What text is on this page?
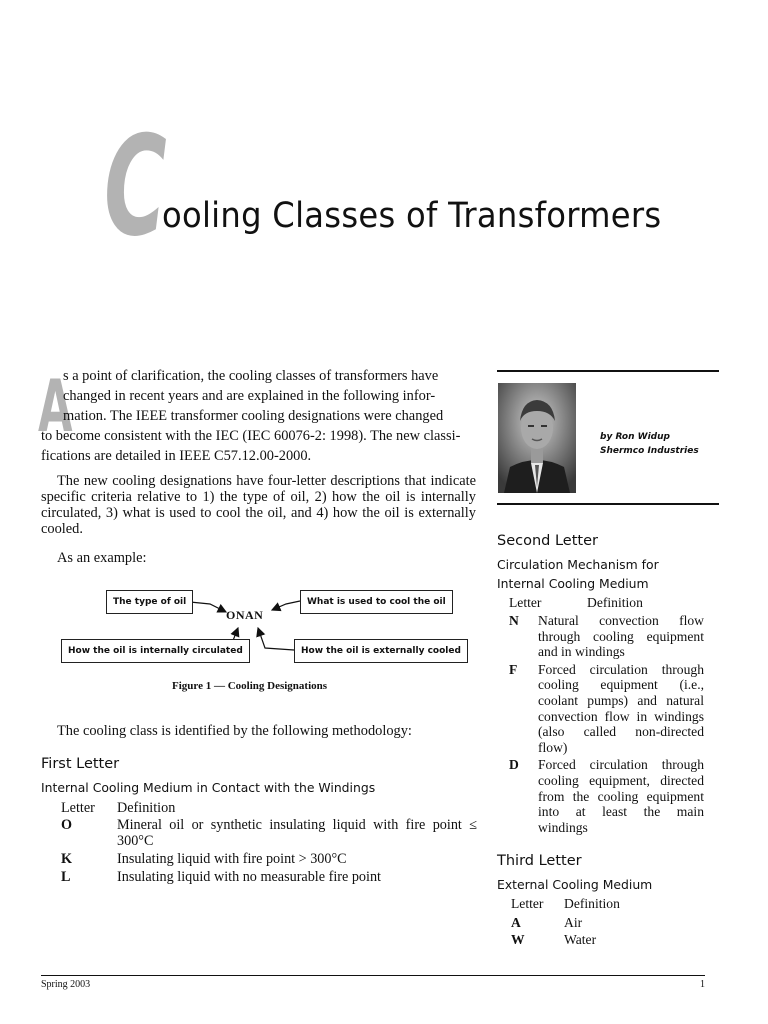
C
ooling Classes of Transformers
A
s a point of clarification, the cooling classes of transformers have
changed in recent years and are explained in the following infor-
mation. The IEEE transformer cooling designations were changed
to become consistent with the IEC (IEC 60076-2: 1998). The new classi-
fications are detailed in IEEE C57.12.00-2000.
The new cooling designations have four-letter descriptions that indicate specific criteria relative to 1) the type of oil, 2) how the oil is internally circulated, 3) what is used to cool the oil, and 4) how the oil is externally cooled.
As an example:
The type of oil	What is used to cool the oil
How the oil is internally circulated	How the oil is externally cooled
ONAN
Figure 1 — Cooling Designations
The cooling class is identified by the following methodology:
First Letter
Internal Cooling Medium in Contact with the Windings
Letter Definition
O	Mineral oil or synthetic insulating liquid with fire point ≤ 300°C
K	Insulating liquid with fire point > 300°C
L	Insulating liquid with no measurable fire point
by Ron Widup
Shermco Industries
Second Letter
Circulation Mechanism for
Internal Cooling Medium
Letter	Definition
N Natural convection flow through cooling equipment and in windings
F Forced circulation through cooling equipment (i.e., coolant pumps) and natural convection flow in windings (also called non-directed flow)
D Forced circulation through cooling equipment, directed from the cooling equipment into at least the main windings
Third Letter
External Cooling Medium
Letter Definition
A	Air
W	Water
Spring 2003	1
